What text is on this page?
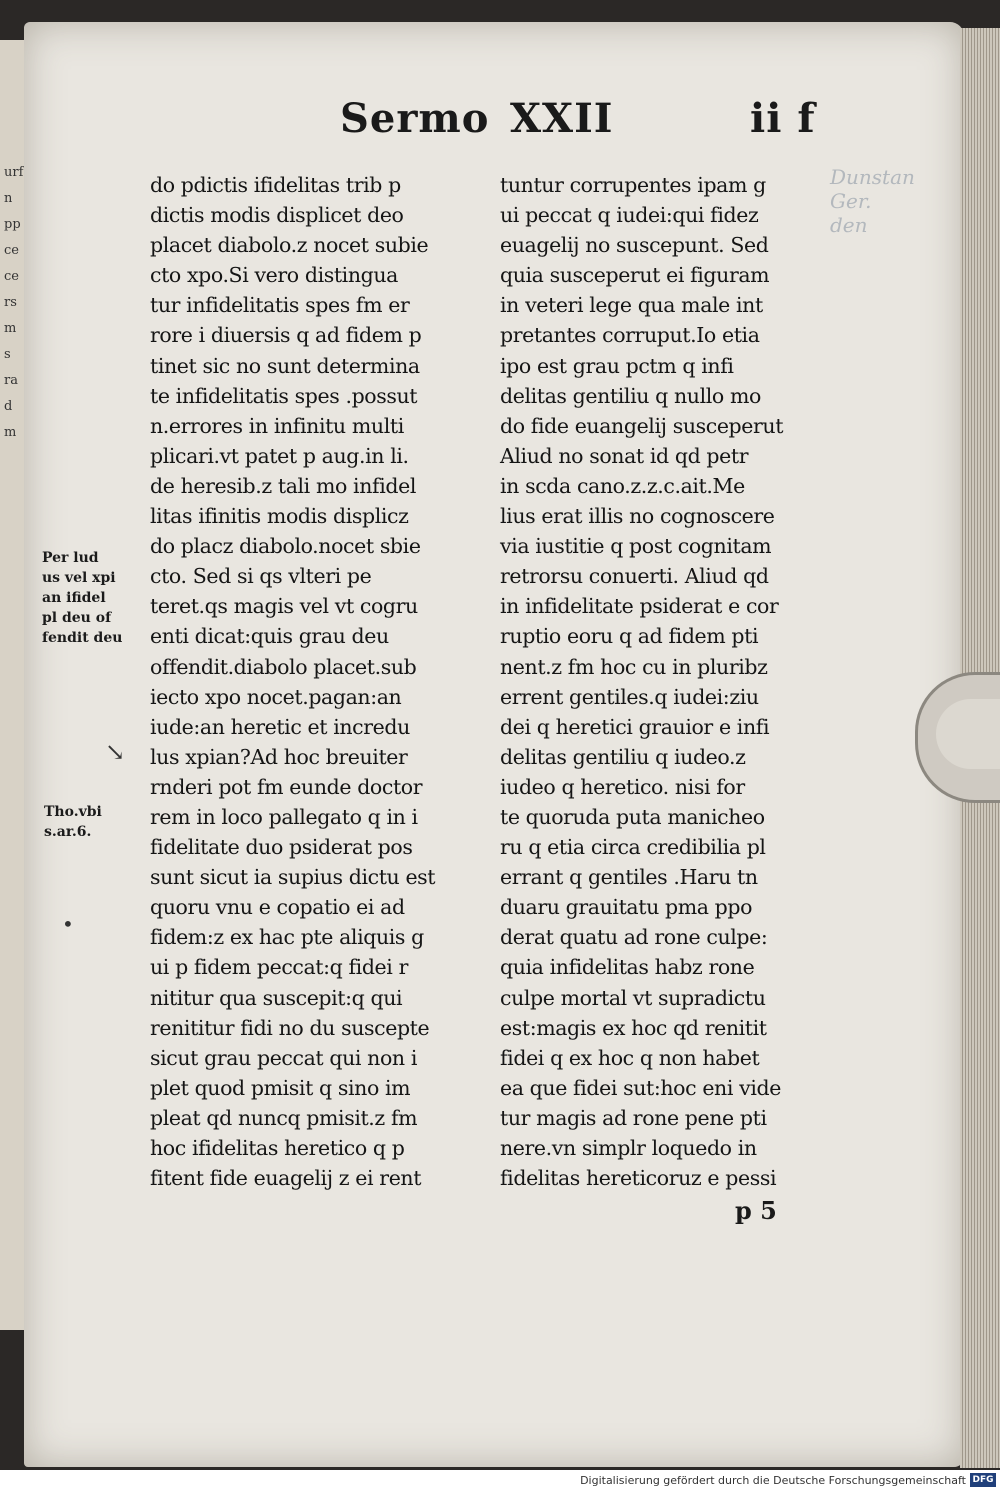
urf
n
pp
ce
ce
rs
m
s
ra
d
m
Dunstan
Ger.
den
Sermo XXII	ii f
do pdictis ifidelitas trib p
dictis modis displicet deo
placet diabolo.z nocet subie
cto xpo.Si vero distingua
tur infidelitatis spes fm er
rore i diuersis q ad fidem p
tinet sic no sunt determina
te infidelitatis spes .possut
n.errores in infinitu multi
plicari.vt patet p aug.in li.
de heresib.z tali mo infidel
litas ifinitis modis displicz
do placz diabolo.nocet sbie
cto. Sed si qs vlteri pe
teret.qs magis vel vt cogru
enti dicat:quis grau deu
offendit.diabolo placet.sub
iecto xpo nocet.pagan:an
iude:an heretic et incredu
lus xpian?Ad hoc breuiter
rnderi pot fm eunde doctor
rem in loco pallegato q in i
fidelitate duo psiderat pos
sunt sicut ia supius dictu est
quoru vnu e copatio ei ad
fidem:z ex hac pte aliquis g
ui p fidem peccat:q fidei r
nititur qua suscepit:q qui
renititur fidi no du suscepte
sicut grau peccat qui non i
plet quod pmisit q sino im
pleat qd nuncq pmisit.z fm
hoc ifidelitas heretico q p
fitent fide euagelij z ei rent
tuntur corrupentes ipam g
ui peccat q iudei:qui fidez
euagelij no suscepunt. Sed
quia susceperut ei figuram
in veteri lege qua male int
pretantes corruput.Io etia
ipo est grau pctm q infi
delitas gentiliu q nullo mo
do fide euangelij susceperut
Aliud no sonat id qd petr
in scda cano.z.z.c.ait.Me
lius erat illis no cognoscere
via iustitie q post cognitam
retrorsu conuerti. Aliud qd
in infidelitate psiderat e cor
ruptio eoru q ad fidem pti
nent.z fm hoc cu in pluribz
errent gentiles.q iudei:ziu
dei q heretici grauior e infi
delitas gentiliu q iudeo.z
iudeo q heretico. nisi for
te quoruda puta manicheo
ru q etia circa credibilia pl
errant q gentiles .Haru tn
duaru grauitatu pma ppo
derat quatu ad rone culpe:
quia infidelitas habz rone
culpe mortal vt supradictu
est:magis ex hoc qd renitit
fidei q ex hoc q non habet
ea que fidei sut:hoc eni vide
tur magis ad rone pene pti
nere.vn simplr loquedo in
fidelitas hereticoruz e pessi
Per lud
us vel xpi
an ifidel
pl deu of
fendit deu
Tho.vbi
s.ar.6.
↘
•
p 5
Digitalisierung gefördert durch die Deutsche Forschungsgemeinschaft DFG
